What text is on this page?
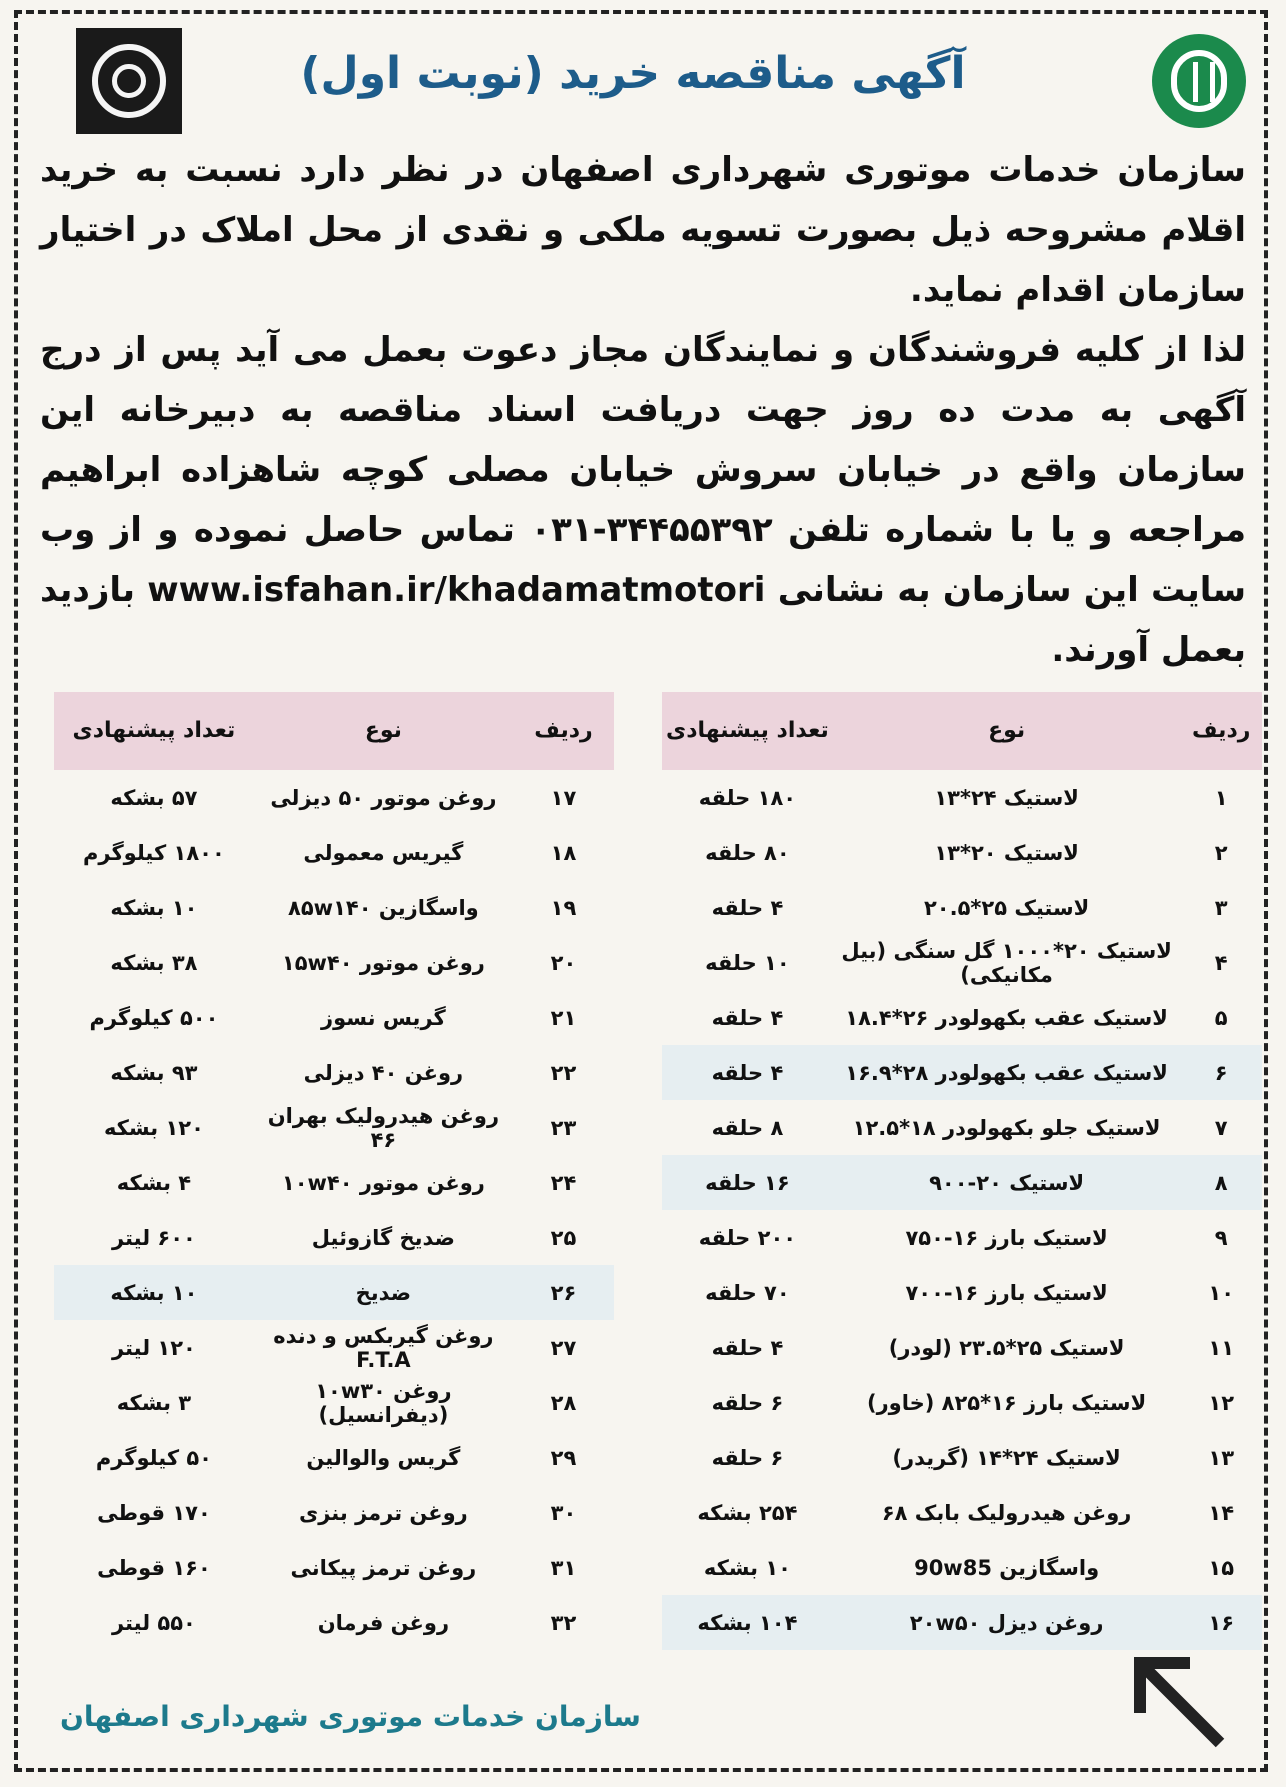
آگهی مناقصه خرید (نوبت اول)

سازمان خدمات موتوری شهرداری اصفهان در نظر دارد نسبت به خرید اقلام مشروحه ذیل بصورت تسویه ملکی و نقدی از محل املاک در اختیار سازمان اقدام نماید.

لذا از کلیه فروشندگان و نمایندگان مجاز دعوت بعمل می آید پس از درج آگهی به مدت ده روز جهت دریافت اسناد مناقصه به دبیرخانه این سازمان واقع در خیابان سروش خیابان مصلی کوچه شاهزاده ابراهیم مراجعه و یا با شماره تلفن ۳۴۴۵۵۳۹۲-۰۳۱ تماس حاصل نموده و از وب سایت این سازمان به نشانی www.isfahan.ir/khadamatmotori بازدید بعمل آورند.

ردیف	نوع	تعداد پیشنهادی
۱	لاستیک ۲۴*۱۳	۱۸۰ حلقه
۲	لاستیک ۲۰*۱۳	۸۰ حلقه
۳	لاستیک ۲۵*۲۰.۵	۴ حلقه
۴	لاستیک ۲۰*۱۰۰۰ گل سنگی (بیل مکانیکی)	۱۰ حلقه
۵	لاستیک عقب بکهولودر ۲۶*۱۸.۴	۴ حلقه
۶	لاستیک عقب بکهولودر ۲۸*۱۶.۹	۴ حلقه
۷	لاستیک جلو بکهولودر ۱۸*۱۲.۵	۸ حلقه
۸	لاستیک ۲۰-۹۰۰	۱۶ حلقه
۹	لاستیک بارز ۱۶-۷۵۰	۲۰۰ حلقه
۱۰	لاستیک بارز ۱۶-۷۰۰	۷۰ حلقه
۱۱	لاستیک ۲۵*۲۳.۵ (لودر)	۴ حلقه
۱۲	لاستیک بارز ۱۶*۸۲۵ (خاور)	۶ حلقه
۱۳	لاستیک ۲۴*۱۴ (گریدر)	۶ حلقه
۱۴	روغن هیدرولیک بابک ۶۸	۲۵۴ بشکه
۱۵	واسگازین 90w85	۱۰ بشکه
۱۶	روغن دیزل ۲۰w۵۰	۱۰۴ بشکه
ردیف	نوع	تعداد پیشنهادی
۱۷	روغن موتور ۵۰ دیزلی	۵۷ بشکه
۱۸	گیریس معمولی	۱۸۰۰ کیلوگرم
۱۹	واسگازین ۸۵w۱۴۰	۱۰ بشکه
۲۰	روغن موتور ۱۵w۴۰	۳۸ بشکه
۲۱	گریس نسوز	۵۰۰ کیلوگرم
۲۲	روغن ۴۰ دیزلی	۹۳ بشکه
۲۳	روغن هیدرولیک بهران ۴۶	۱۲۰ بشکه
۲۴	روغن موتور ۱۰w۴۰	۴ بشکه
۲۵	ضدیخ گازوئیل	۶۰۰ لیتر
۲۶	ضدیخ	۱۰ بشکه
۲۷	روغن گیربکس و دنده F.T.A	۱۲۰ لیتر
۲۸	روغن ۱۰w۳۰ (دیفرانسیل)	۳ بشکه
۲۹	گریس والوالین	۵۰ کیلوگرم
۳۰	روغن ترمز بنزی	۱۷۰ قوطی
۳۱	روغن ترمز پیکانی	۱۶۰ قوطی
۳۲	روغن فرمان	۵۵۰ لیتر
سازمان خدمات موتوری شهرداری اصفهان
